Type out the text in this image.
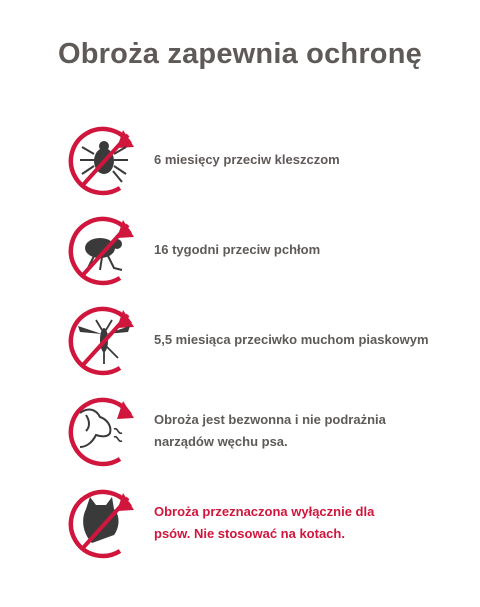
Obroża zapewnia ochronę
6 miesięcy przeciw kleszczom
16 tygodni przeciw pchłom
5,5 miesiąca przeciwko muchom piaskowym
Obroża jest bezwonna i nie podrażnia
narządów węchu psa.
Obroża przeznaczona wyłącznie dla
psów. Nie stosować na kotach.
